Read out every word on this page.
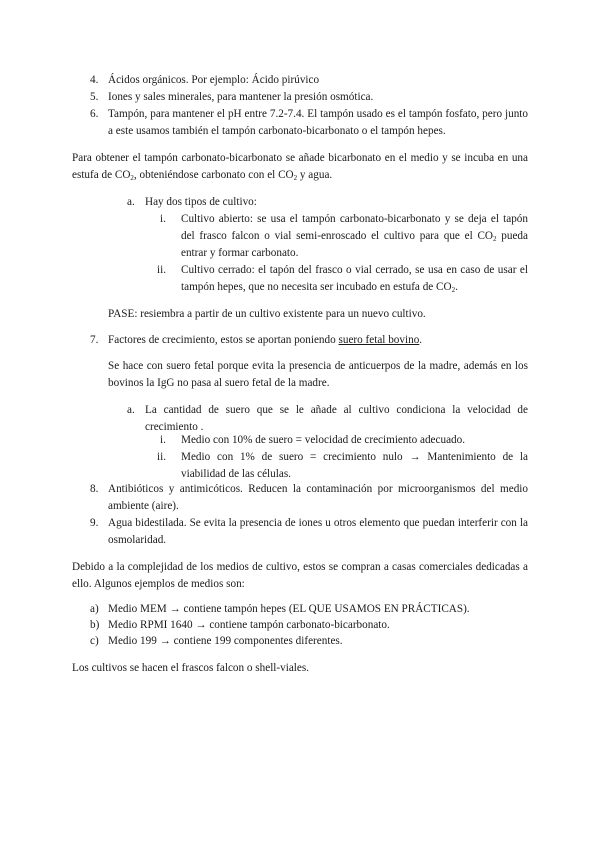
4. Ácidos orgánicos. Por ejemplo: Ácido pirúvico
5. Iones y sales minerales, para mantener la presión osmótica.
6. Tampón, para mantener el pH entre 7.2-7.4. El tampón usado es el tampón fosfato, pero junto a este usamos también el tampón carbonato-bicarbonato o el tampón hepes.
Para obtener el tampón carbonato-bicarbonato se añade bicarbonato en el medio y se incuba en una estufa de $CO_2$, obteniéndose carbonato con el $CO_2$ y agua.
a. Hay dos tipos de cultivo:
i. Cultivo abierto: se usa el tampón carbonato-bicarbonato y se deja el tapón del frasco falcon o vial semi-enroscado el cultivo para que el $CO_2$ pueda entrar y formar carbonato.
ii. Cultivo cerrado: el tapón del frasco o vial cerrado, se usa en caso de usar el tampón hepes, que no necesita ser incubado en estufa de $CO_2$.
PASE: resiembra a partir de un cultivo existente para un nuevo cultivo.
7. Factores de crecimiento, estos se aportan poniendo suero fetal bovino.
Se hace con suero fetal porque evita la presencia de anticuerpos de la madre, además en los bovinos la IgG no pasa al suero fetal de la madre.
a. La cantidad de suero que se le añade al cultivo condiciona la velocidad de crecimiento .
i. Medio con 10% de suero = velocidad de crecimiento adecuado.
ii. Medio con 1% de suero = crecimiento nulo → Mantenimiento de la viabilidad de las células.
8. Antibióticos y antimicóticos. Reducen la contaminación por microorganismos del medio ambiente (aire).
9. Agua bidestilada. Se evita la presencia de iones u otros elemento que puedan interferir con la osmolaridad.
Debido a la complejidad de los medios de cultivo, estos se compran a casas comerciales dedicadas a ello. Algunos ejemplos de medios son:
a) Medio MEM → contiene tampón hepes (EL QUE USAMOS EN PRÁCTICAS).
b) Medio RPMI 1640 → contiene tampón carbonato-bicarbonato.
c) Medio 199 → contiene 199 componentes diferentes.
Los cultivos se hacen el frascos falcon o shell-viales.
